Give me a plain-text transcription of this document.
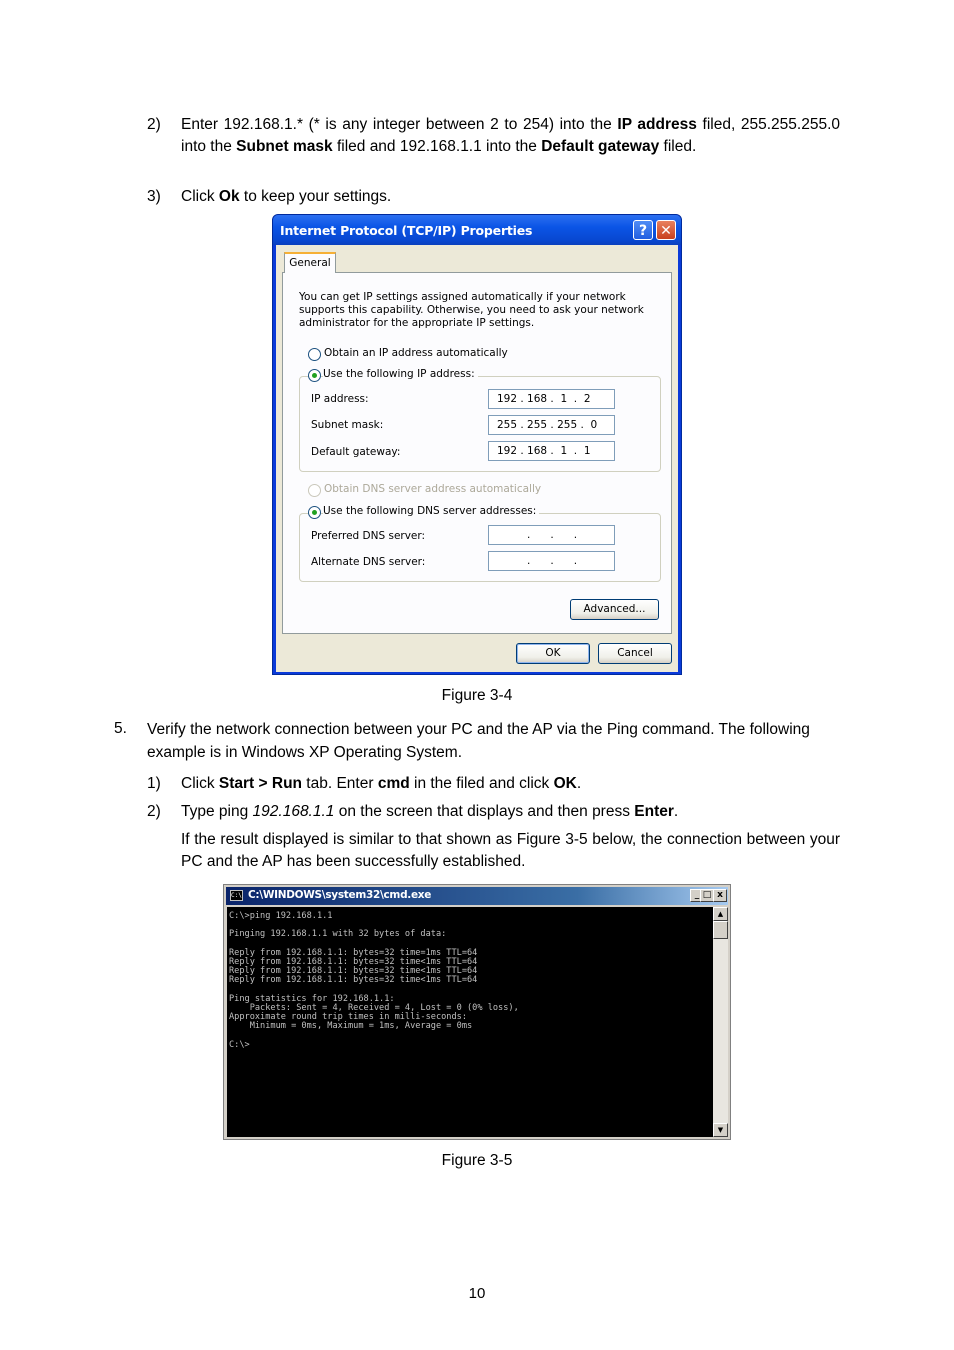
2) Enter 192.168.1.* (* is any integer between 2 to 254) into the IP address filed, 255.255.255.0 into the Subnet mask filed and 192.168.1.1 into the Default gateway filed.
3) Click Ok to keep your settings.
Internet Protocol (TCP/IP) Properties	? ✕
General
You can get IP settings assigned automatically if your network supports this capability. Otherwise, you need to ask your network administrator for the appropriate IP settings.
Obtain an IP address automatically
Use the following IP address:
IP address:	192 . 168 .  1  .  2
Subnet mask:	255 . 255 . 255 .  0
Default gateway:	192 . 168 .  1  .  1
Obtain DNS server address automatically
Use the following DNS server addresses:
Preferred DNS server:	.      .      .
Alternate DNS server:	.      .      .
Advanced...
OK	Cancel
Figure 3-4
5. Verify the network connection between your PC and the AP via the Ping command. The following example is in Windows XP Operating System.
1) Click Start > Run tab. Enter cmd in the filed and click OK.
2) Type ping 192.168.1.1 on the screen that displays and then press Enter.
If the result displayed is similar to that shown as Figure 3-5 below, the connection between your PC and the AP has been successfully established.
C:\ C:\WINDOWS\system32\cmd.exe	_ □ x
C:\>ping 192.168.1.1

Pinging 192.168.1.1 with 32 bytes of data:

Reply from 192.168.1.1: bytes=32 time=1ms TTL=64
Reply from 192.168.1.1: bytes=32 time<1ms TTL=64
Reply from 192.168.1.1: bytes=32 time<1ms TTL=64
Reply from 192.168.1.1: bytes=32 time<1ms TTL=64

Ping statistics for 192.168.1.1:
Packets: Sent = 4, Received = 4, Lost = 0 (0% loss),
Approximate round trip times in milli-seconds:
Minimum = 0ms, Maximum = 1ms, Average = 0ms

C:\>
▲
▼
Figure 3-5
10
